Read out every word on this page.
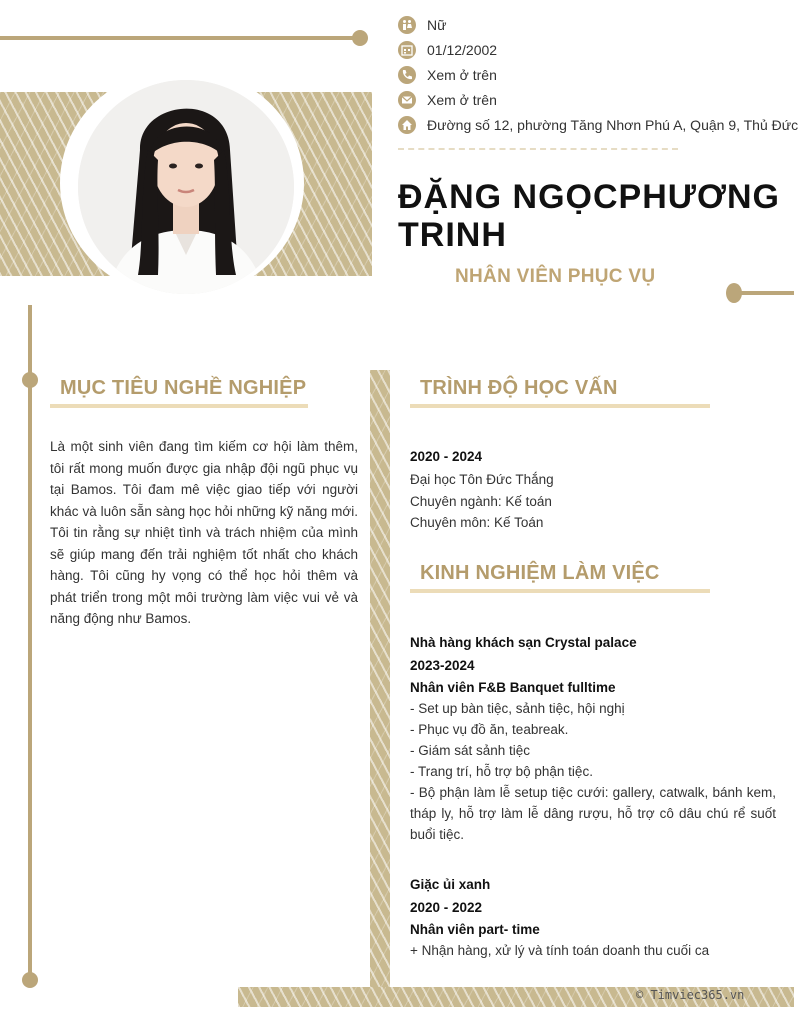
Nữ
01/12/2002
Xem ở trên
Xem ở trên
Đường số 12, phường Tăng Nhơn Phú A, Quận 9, Thủ Đức
ĐẶNG NGỌCPHƯƠNG TRINH
NHÂN VIÊN PHỤC VỤ
© Timviec365.vn
MỤC TIÊU NGHỀ NGHIỆP
Là một sinh viên đang tìm kiếm cơ hội làm thêm, tôi rất mong muốn được gia nhập đội ngũ phục vụ tại Bamos. Tôi đam mê việc giao tiếp với người khác và luôn sẵn sàng học hỏi những kỹ năng mới. Tôi tin rằng sự nhiệt tình và trách nhiệm của mình sẽ giúp mang đến trải nghiệm tốt nhất cho khách hàng. Tôi cũng hy vọng có thể học hỏi thêm và phát triển trong một môi trường làm việc vui vẻ và năng động như Bamos.
TRÌNH ĐỘ HỌC VẤN
2020 - 2024
Đại học Tôn Đức Thắng
Chuyên ngành: Kế toán
Chuyên môn: Kế Toán
KINH NGHIỆM LÀM VIỆC
Nhà hàng khách sạn Crystal palace
2023-2024
Nhân viên F&B Banquet fulltime
- Set up bàn tiệc, sảnh tiệc, hội nghị
- Phục vụ đồ ăn, teabreak.
- Giám sát sảnh tiệc
- Trang trí, hỗ trợ bộ phận tiệc.
- Bộ phận làm lễ setup tiệc cưới: gallery, catwalk, bánh kem, tháp ly, hỗ trợ làm lễ dâng rượu, hỗ trợ cô dâu chú rể suốt buổi tiệc.
Giặc ủi xanh
2020 - 2022
Nhân viên part- time
+ Nhận hàng, xử lý và tính toán doanh thu cuối ca
